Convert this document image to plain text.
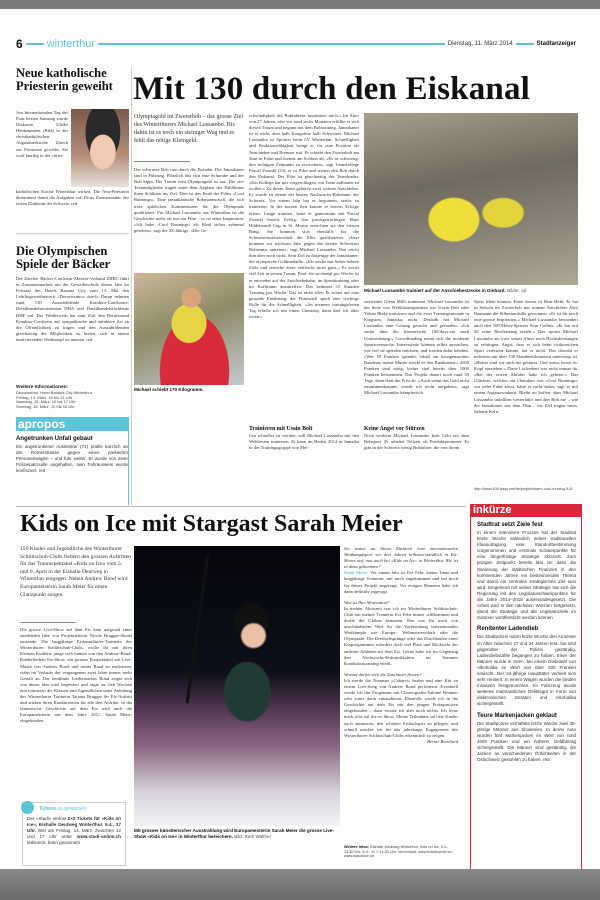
6 winterthur	Dienstag, 11. März 2014	Stadtanzeiger
Neue katholische Priesterin geweiht
Am Internationalen Tag der Frau letzten Samstag wurde Diakonin Ulrike Henkenmeier (Bild) in der christkatholischen Augustinerkirche Zürich zur Priesterin geweiht. Sie wird künftig in der christ-
katholischen Kirche Winterthur wirken. Die Neu-Priesterin übernimmt damit die Aufgaben von Doris Zimmermann, der ersten Diakonin der Schweiz. red
Die Olympischen Spiele der Bäcker
Der Zürcher Bäcker-Confiseur-Meister-Verband ZHBC führt in Zusammenarbeit mit der Gewerbeschule dieses Jahr im Festsaal des Hotels Banana City zum 13. Mal den Lehrlingswettbewerb «Decorissimo» durch. Daran nehmen rund 130 Auszubildende Konditor-Confiseure, Detailhandelsassistenten DHA und Detailhandelsfachleute DHF teil. Der Wettbewerb hat zum Ziel, den Berufsstand Konditor-Confiseur auf sympathische und attraktive Art an die Öffentlichkeit zu tragen und den Auszubildenden gleichzeitig die Möglichkeit zu bieten, sich in einem motivierenden Wettkampf zu messen. red
Weitere Informationen:
Decorissimo, Hotel Banana City Winterthur
Freitag, 14. März, 10 bis 21 Uhr
Samstag, 15. März, 10 bis 17 Uhr
Sonntag, 16. März, 10 bis 16 Uhr
apropos
Angetrunken Unfall gebaut
Ein angetrunkener Autolenker (71) prallte kürzlich an der Römerstrasse gegen einen parkierten Personenwagen – und fuhr weiter. Er wurde von einer Polizeipatrouille angehalten, sein Fahrausweis wurde konfisziert. red
Mit 130 durch den Eiskanal
Olympiagold im Zweierbob – das grosse Ziel des Winterthurers Michael Lussambo. Bis dahin ist es noch ein steiniger Weg und es fehlt das nötige Kleingeld.
Der schwarze Bob rast durch die Eisbahn. Die Jamaikaner sind in Führung. Plötzlich löst sich eine Schraube und der Bob kippt. Der Traum vom Olympiagold ist aus. Die vier Teammitglieder tragen unter dem Applaus des Publikums ihren Schlitten ins Ziel. Dies ist das Ende des Films «Cool Runnings». Eine jamaikanische Bobmannschaft, die sich trotz spärlichen Kommentaren für die Olympiade qualifiziert. Für Michael Lussambo aus Winterthur ist die Geschichte mehr als nur ein Film – es ist seine Inspiration. «Ich habe ‹Cool Runnings› als Kind sicher zehnmal gesehen», sagt der 28-Jährige. «Die Ge-
Michael schiebt 170 Kilogramm.
schwindigkeit des Bobfahrens faszinierte mich.» Im Alter von 27 Jahren, also vor rund sechs Monaten erfüllte er sich diesen Traum und begann mit dem Bobtraining. Jamaikaner ist er nicht, aber halb Kongolese halb Schweizer. Michael Lussambo ist Sprinter beim LV Winterthur. Schnelligkeit und Reaktionsfähigkeit bringt er für eine Position als Anschieber und Bremser mit. Er schiebt den Zweierbob am Start in Fahrt und bremst am Schluss ab. «Es ist schwierig, den richtigen Zeitpunkt zu erwischen», sagt Teamkollege Pascal Zwenkl (23), er ist Pilot und steuert den Bob durch den Eiskanal. Der Pilot ist gleichzeitig der Teamleader. «Ein Kollege hat mir vorgeschlagen, ein Team aufbauen zu wollen.» Zu ihrem Team gehören zwei weitere Anschieber. Er wurde zu einem der besten Nachwuchs-Bobteams der Schweiz. Vor einem Jahr hat er begonnen, seriös zu trainieren. In der kurzen Zeit konnte er bereits Erfolge feiern. Lange trainiert, hatte er gemeinsam mit Pascal Zwenkl bereits Erfolg. Am prestigeträchtigen Hans Hildebrandt Cup in St. Moritz erreichten sie den vierten Rang. Sie konnten sich ebenfalls für die Schweizermeisterschaft der Elite qualifizieren. «Jetzt konnten wir nächstes Jahr gegen die besten Schweizer Bobteams antreten», sagt Michael Lussambo. Das reicht ihm aber noch nicht. Sein Ziel ist dasjenige der Jamaikaner: die olympische Goldmedaille. «Ich stecke mir lieber höhere Ziele und erreiche diese vielleicht nicht ganz.» Er steckt viel Zeit in seinen Traum: Fünf- bis sechsmal pro Woche ist er entweder auf der Anschiebebahn, im Sprinttraining oder im Kraftraum anzutreffen. Das bedeutet 15 Stunden Training pro Woche. Das ist nicht alles: Er achtet auf eine gesunde Ernährung, der Fitnessteil spielt eine wichtige Rolle für die Schnelligkeit. «An meinem trainingsfreien Tag erholte ich mir einen Cheatday, dann darf ich alles essen.»
Trainieren mit Usain Bolt
Um schneller zu werden, will Michael Lussambo mit den Weltbesten trainieren. Er kann im Herbst 2014 in Jamaika in der Trainingsgruppe von Mei-
Michael Lussambo trainiert auf der Anschiebestrecke in Dinhard. Bilder: pd
stertrainer Glenn Mills trainieren. Michael Lussambo ist der Seite von Weltklassesprintern wie Usain Bolt oder Yohan Blake trainieren und die zwei Trainingsmonate in Kingston, Jamaika, nicht. Deshalb hat Michael Lussambo eine Lösung gesucht und gefunden: «Ich suche über die Internetseite 100-days.net nach Unterstützung.» Crowdfunding nennt sich die moderne Sponsorensuche. Interessierte können selbst aussuchen, wie viel sie spenden möchten, und werden dafür belohnt. «Wer 50 Franken spendet, erhält ein hausgemachtes Bandeau, meine Mutter strickt es den Bindkasten.» 4500 Franken sind nötig, bisher sind bereits über 1000 Franken beisammen. Das Projekt dauert noch rund 50 Tage, dann läuft die Frist ab. «Auch wenn das Geld nicht zusammenkommt, werde ich nicht aufgeben», sagt Michael Lussambo kämpferisch.
Keine Angst vor Stürzen
Noch verdient Michael Lussambo kein Geld mit dem Bobsport. Er arbeitet Teilzeit als Produktpromoter. Es gibt in der Schweiz wenig Bobfahrer, die von ihrem
Sport leben können. Einer davon ist Beat Hefti. Er hat in Sotschi im Zweierbob mit seinem Anschieber Alex Baumann die Silbermedaille gewonnen. «Er ist für mich eine grosse Inspiration.» Michael Lussambo bewundert auch den 100-Meter-Sprinter Kim Collins: «Er hat mit 36 seine Bestleistung erzielt.» Das spornt Michael Lussambo an, trotz seines Alters noch Höchstleistungen zu erbringen. Angst, dass er sich beim risikoreichen Sport verletzen könnte, hat er nicht. Das obwohl er teilweise mit über 130 Stundenkilometern unterwegs ist. «Bisher sind wir auch nie gestürzt. Und wenn, heisst es: Kopf einziehen.» Diese Lockerheit war nicht immer da. «Bei der ersten Abfahrt habe ich gebetet.» Das Glücksei, welches ein Charakter von «Cool Runnings» vor jeder Fahrt küsst, hätte er nicht dabei, sagt er mit einem Augenzwinkern. Bleibt zu hoffen, dass Michael Lussambo unfallfrei weiterfährt und den Bob nie – wie die Jamaikaner aus dem Film – ins Ziel tragen muss. Salome Kern
http://www.100-days.net/de/projekt/warm-cool-running-5-8/
Kids on Ice mit Stargast Sarah Meier
150 Kinder und Jugendliche des Winterthurer Schlittschuh-Clubs fiebern den grossen Auftritten für das Traumspektakel «Kids on Ice» vom 5. und 6. April in der Eishalle Deutweg in Winterthur entgegen. Neben Andrew Bond wird Europameisterin Sarah Meier für einen Glanzpunkt sorgen.
Die grosse Live-Show auf dem Eis kam aufgrund einer zündenden Idee von Projektleiterin Nicole Brugger-Skoda zustande. Die langjährige Eiskunstläufer-Trainerin des Winterthurer Schlittschuh-Clubs, wollte ihr mit ihren Kleinen Kindern, junge rach bunten von den Andrew-Bond-Kinderliedern Eis-Show, ein grosses Eisspektakel mit Live-Musik von Andrew Bond und seiner Band zu realisieren, rufen im Verlaufe der vergangenen zwei Jahre immer mehr Gestalt an. Der berühmte Liedermacher Bond zeigte sich von dieser Idee total begeistert und sagte zu. Seit Wochen nun trainieren die Klassen und Jugendlichen unter Anleitung des Winterthurer Trainerin Tatjana Brugger ihr Eis-Auftritt und wirken ihren Konkurrenten für alle drei Aufritte. In die fantastische Geschichte auf dem Eis wird auch die Europameisterin aus dem Jahre 2011, Sarah Meier, eingebunden.
Tickets zu gewinnen!
Der «Stadi» verlost 2×2 Tickets für «Kids on Ice», Eishalle Deutweg Winterthur, 5.4., 17 Uhr. Wer am Freitag, 14. März, zwischen 12 und 17 Uhr unter www.stadi-online.ch teilnimmt, kann gewinnen!
Mit grosser künstlerischer Ausstrahlung wird Europameisterin Sarah Meier die grosse Live-Show «Kids on Ice» in Winterthur bereichern. Bild: Ruth Walther
Sie traten an Ihrem Rücktritt vom internationalen Wettkampfsport vor drei Jahren selbstverständlich in Eis-Shows auf, nun auch bei «Kids on Ice» in Winterthur. Wie ist es dazu gekommen?
Sarah Meier: Vor einem Jahr ist Evi Fehr, meine Tante und langjährige Trainerin, mit mich zugekommen und hat mich für dieses Projekt angefragt. Vor einigen Monaten habe ich dann definitiv zugesagt.
Was ist Ihre Motivation?
In meiner Aktivzeit war ich im Winterthurer Schlittschuh-Club mit meiner Trainerin Evi Fehr immer willkommen und durfte die Globen benutzen. Das war für mich von unschätzbarem Wert für die Vorbereitung internationaler Wettkämpfe wie Europa-, Weltmeisterschaft oder die Olympiade. Die Dreifachsprünge oder das Durchlaufen eines Kurprogrammes erfordert doch viel Platz und Rücksicht der anderen Athleten auf dem Eis. Gerne habe ich im Gegenzug den Nachwuchs-Eiskunstläufern im Sommer Konditionstraining erteilt.
Worauf dürfen sich die Zuschauer freuen?
Ich werde die Nummer «Cabaret» laufen und eine Kür zu einem Live-Song von Andrew Bond performen. Eventuell werde ich das Programm mit Choreografin Salomé Brunner oder sonst darin einstudieren. Ebenfalls werde ich in die Geschichte auf dem Eis mit den jungen Protagonisten eingebunden – dazu verrate ich aber noch nichts. Ich freue mich sehr auf die-se Show. Meine Teilnahme soll die Kinder auch animieren, den schönen Eislaufsport zu pflegen, und schnell möchte ich für das jahrelange Engagement des Winterthurer Schlittschuh-Clubs erkenntlich zu zeigen.
Bernie Bernhard
Weitere Infos: Eishalle Deutweg Winterthur, Kids on Ice, 5.4., 13.30 Uhr, 6.4., 11 + 14.30 Uhr. Vorverkauf: www.ticketcorner.ch, www.kidsonice.ch
inkürze
Stadtrat setzt Ziele fest
In einem intensiven Prozess hat der Stadtrat letzte Woche anlässlich seiner traditionellen Klausurtagung eine Standortbestimmung vorgenommen und erstmals Schwerpunkte für eine längerfristige Strategie skizziert. Zum jetzigen Zeitpunkt bereits klar ist, dass die Sanierung der städtischen Finanzen in den kommenden Jahren ein bestimmendes Thema und damit ein zentrales strategisches Ziel sein wird. Eingehend mit seiner Strategie hat sich die Regierung mit den Legislaturschwerpunkten für die Jahre 2014–2018 auseinandergesetzt. Die Arbeit wird in den nächsten Wochen fortgesetzt, damit die Strategie und die Legislaturziele im Sommer veröffentlicht werden können.
Renitenter Ladendieb
Die Stadtpolizei nahm letzte Woche drei Armenier im Alter zwischen 27 und 34 Jahren fest. Sie sind gegenüber der Polizei geständig, Ladendiebstähle begangen zu haben. Einer der Männer wurde in Seen, bei einem Diebstahl von Alkoholika im Wert von über 200 Franken erwischt. Der 34-jährige Haupttäter verhielt sich sehr renitent. In einem Wagen wurden die beiden Insassen festgenommen. Im Fahrzeug wurde weiteres mutmassliches Deliktsgut in Form von elektronischen Geräten und Alkoholika sichergestellt.
Teure Markenjacken geklaut
Die Stadtpolizei verhaftete letzte Woche zwei 35-jährige Männer aus Slowenien. In deren Auto wurden fünf Markenjacken im Wert von rund 4000 Franken und ein höherer Geldbetrag sichergestellt. Die Männer sind geständig, die Jacken an verschiedenen Örtlichkeiten in der Ostschweiz gestohlen zu haben. red
